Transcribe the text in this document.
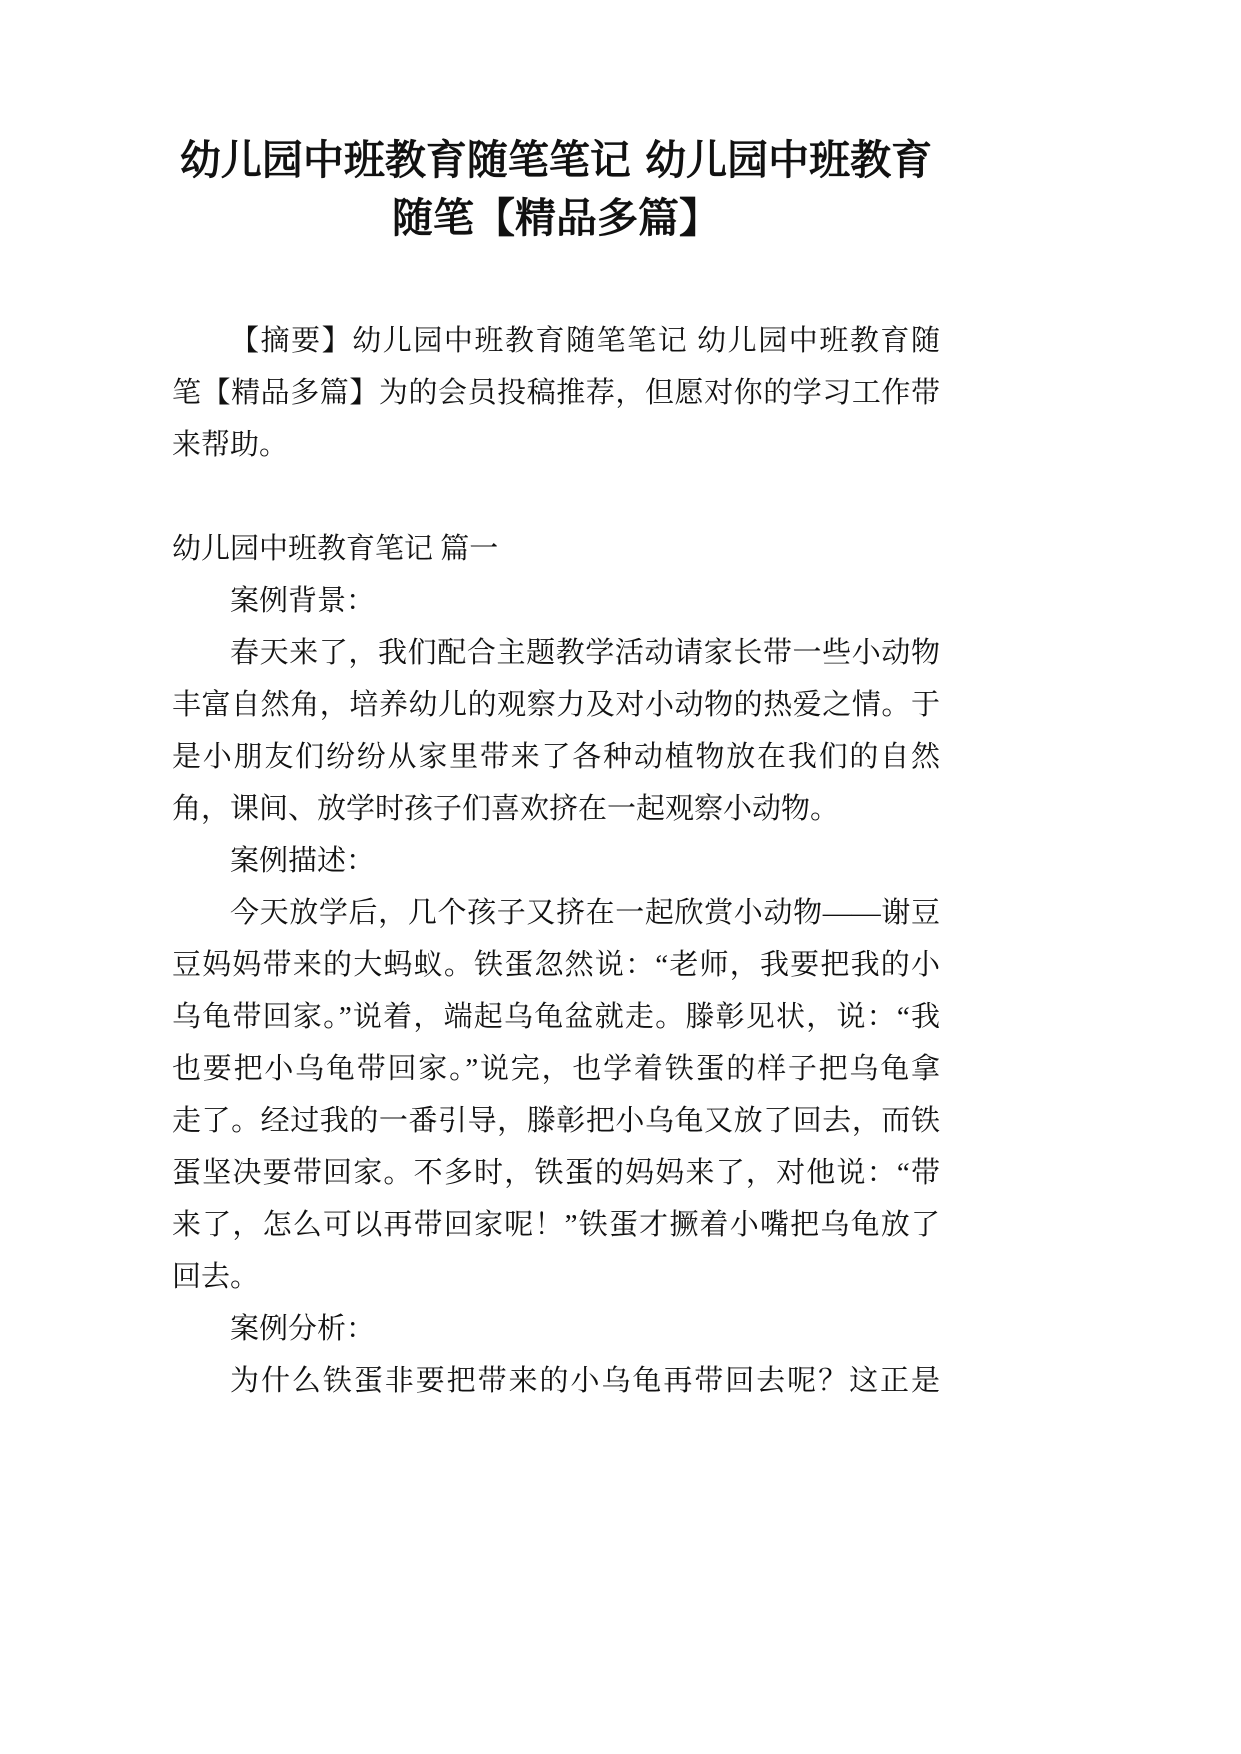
幼儿园中班教育随笔笔记 幼儿园中班教育
随笔【精品多篇】

【摘要】幼儿园中班教育随笔笔记 幼儿园中班教育随

笔【精品多篇】为的会员投稿推荐，但愿对你的学习工作带

来帮助。

幼儿园中班教育笔记 篇一

案例背景：

春天来了，我们配合主题教学活动请家长带一些小动物

丰富自然角，培养幼儿的观察力及对小动物的热爱之情。于

是小朋友们纷纷从家里带来了各种动植物放在我们的自然

角，课间、放学时孩子们喜欢挤在一起观察小动物。

案例描述：

今天放学后，几个孩子又挤在一起欣赏小动物——谢豆

豆妈妈带来的大蚂蚁。铁蛋忽然说：“老师，我要把我的小

乌龟带回家。”说着，端起乌龟盆就走。滕彰见状，说：“我

也要把小乌龟带回家。”说完，也学着铁蛋的样子把乌龟拿

走了。经过我的一番引导，滕彰把小乌龟又放了回去，而铁

蛋坚决要带回家。不多时，铁蛋的妈妈来了，对他说：“带

来了，怎么可以再带回家呢！”铁蛋才撅着小嘴把乌龟放了

回去。

案例分析：

为什么铁蛋非要把带来的小乌龟再带回去呢？这正是
